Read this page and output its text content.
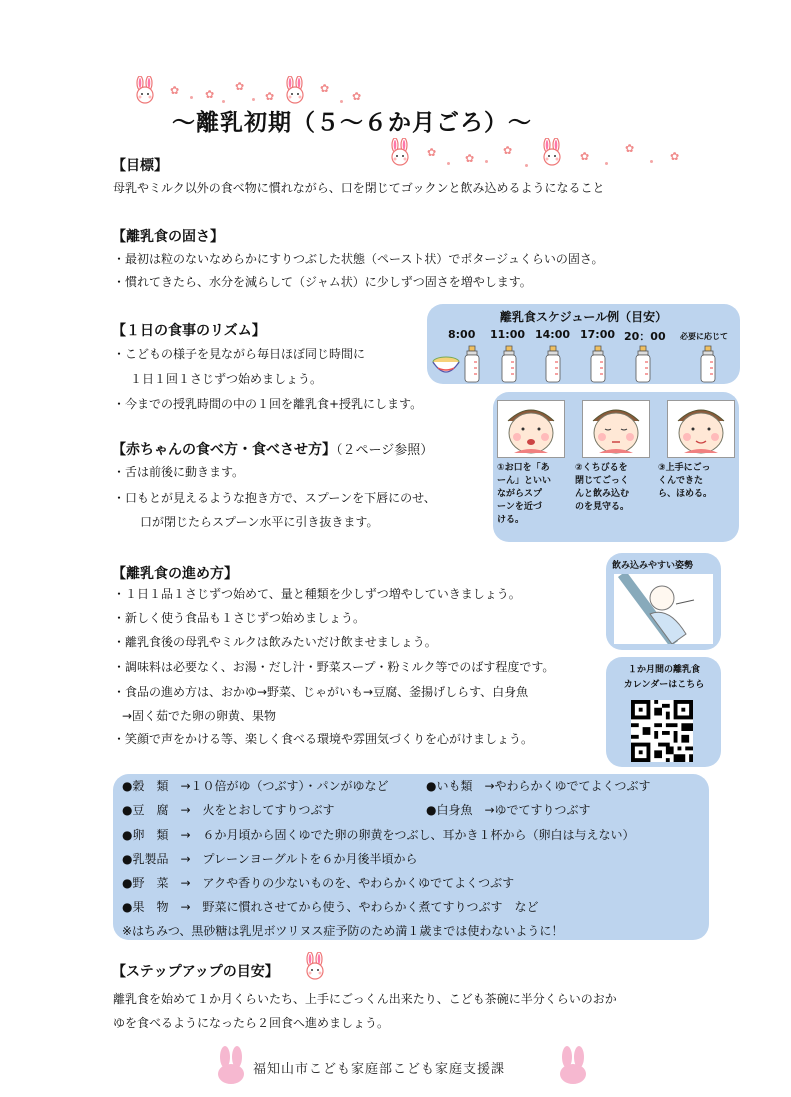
✿ ✿
✿
✿
✿
✿
～離乳初期（５～６か月ごろ）～
✿	✿
✿	✿
✿
✿
【目標】
母乳やミルク以外の食べ物に慣れながら、口を閉じてゴックンと飲み込めるようになること
【離乳食の固さ】
・最初は粒のないなめらかにすりつぶした状態（ペースト状）でポタージュくらいの固さ。
・慣れてきたら、水分を減らして（ジャム状）に少しずつ固さを増やします。
【１日の食事のリズム】
・こどもの様子を見ながら毎日ほぼ同じ時間に
１日１回１さじずつ始めましょう。
・今までの授乳時間の中の１回を離乳食+授乳にします。
離乳食スケジュール例（目安）
8:00 11:00 14:00 17:00 20：00 必要に応じて
【赤ちゃんの食べ方・食べさせ方】（２ページ参照）
・舌は前後に動きます。
・口もとが見えるような抱き方で、スプーンを下唇にのせ、
口が閉じたらスプーン水平に引き抜きます。
①お口を「あ
ーん」といい
ながらスプ
ーンを近づ
ける。
②くちびるを
閉じてごっく
んと飲み込む
のを見守る。
③上手にごっ
くんできた
ら、ほめる。
【離乳食の進め方】
・１日１品１さじずつ始めて、量と種類を少しずつ増やしていきましょう。
・新しく使う食品も１さじずつ始めましょう。
・離乳食後の母乳やミルクは飲みたいだけ飲ませましょう。
・調味料は必要なく、お湯・だし汁・野菜スープ・粉ミルク等でのばす程度です。
・食品の進め方は、おかゆ→野菜、じゃがいも→豆腐、釜揚げしらす、白身魚
→固く茹でた卵の卵黄、果物
・笑顔で声をかける等、楽しく食べる環境や雰囲気づくりを心がけましょう。
飲み込みやすい姿勢
１か月間の離乳食
カレンダーはこちら
●穀　類　→１０倍がゆ（つぶす）・パンがゆなど	●いも類　→やわらかくゆでてよくつぶす
●豆　腐　→　火をとおしてすりつぶす	●白身魚　→ゆでてすりつぶす
●卵　類　→　６か月頃から固くゆでた卵の卵黄をつぶし、耳かき１杯から（卵白は与えない）
●乳製品　→　プレーンヨーグルトを６か月後半頃から
●野　菜　→　アクや香りの少ないものを、やわらかくゆでてよくつぶす
●果　物　→　野菜に慣れさせてから使う、やわらかく煮てすりつぶす　など
※はちみつ、黒砂糖は乳児ボツリヌス症予防のため満１歳までは使わないように！
【ステップアップの目安】
離乳食を始めて１か月くらいたち、上手にごっくん出来たり、こども茶碗に半分くらいのおか
ゆを食べるようになったら２回食へ進めましょう。
福知山市こども家庭部こども家庭支援課
